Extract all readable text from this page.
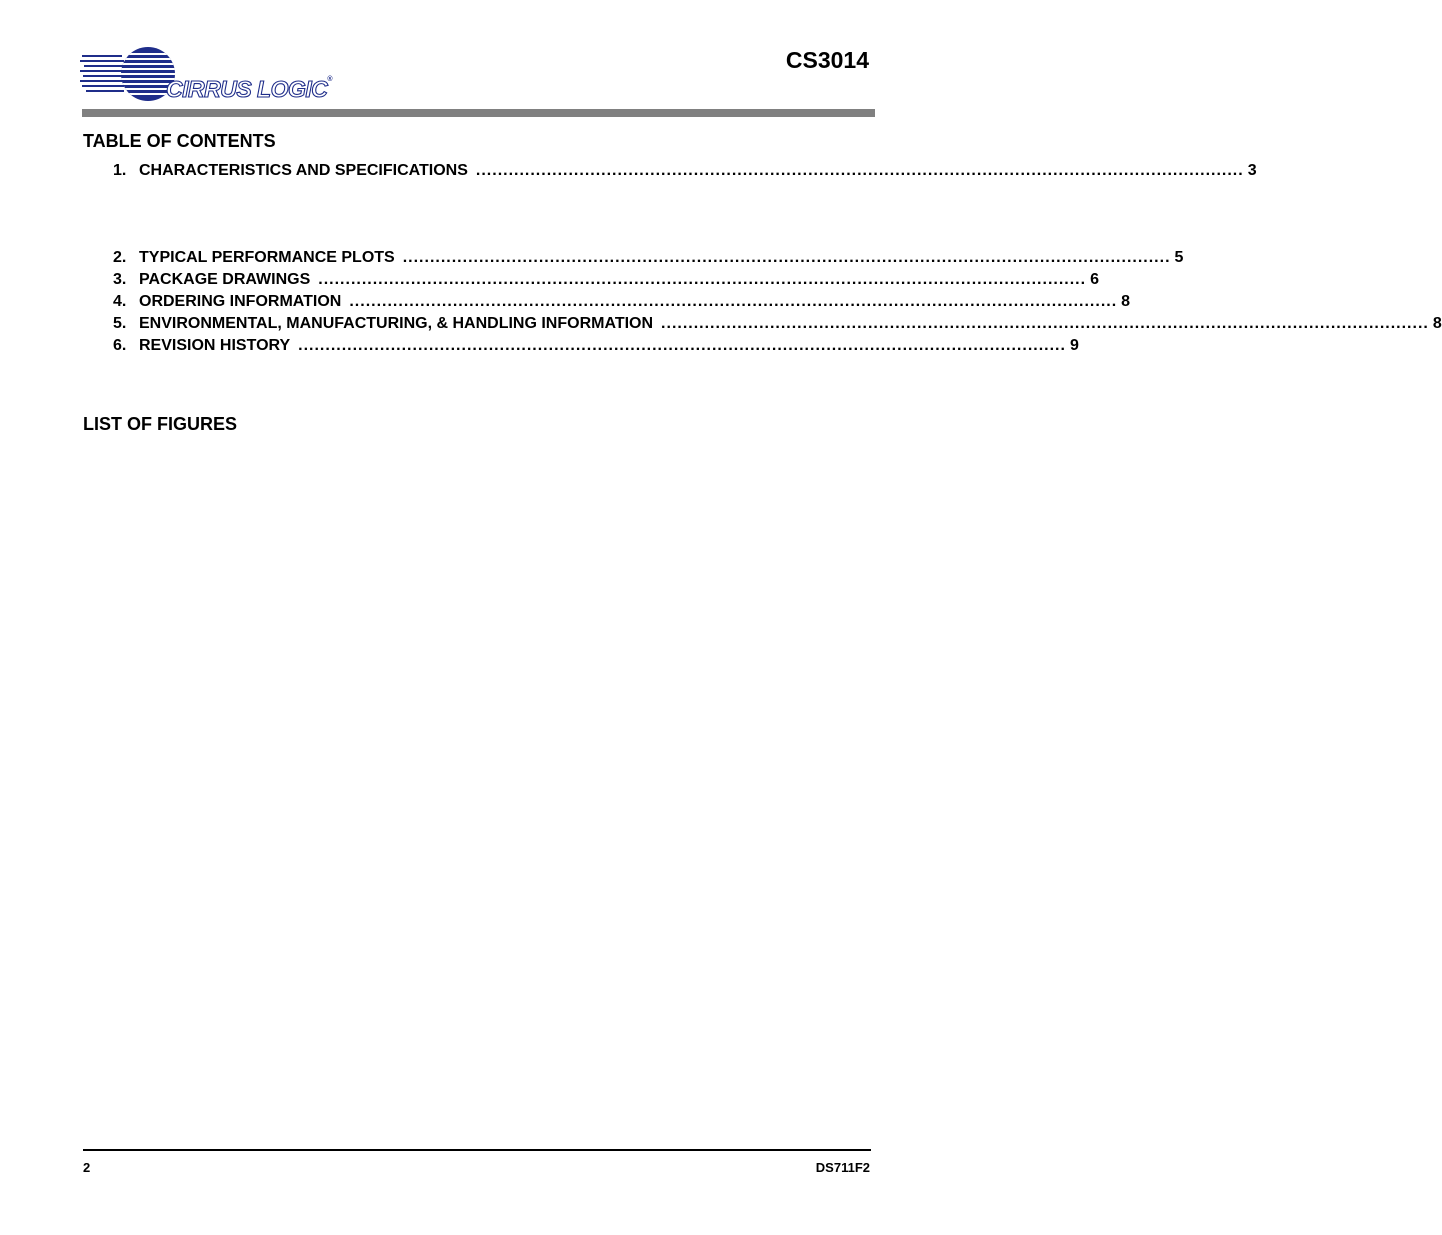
CIRRUS LOGIC®
CS3014
TABLE OF CONTENTS
1. CHARACTERISTICS AND SPECIFICATIONS ............................................................................................................................................. 3
2. TYPICAL PERFORMANCE PLOTS ............................................................................................................................................. 5
3. PACKAGE DRAWINGS ............................................................................................................................................. 6
4. ORDERING INFORMATION ............................................................................................................................................. 8
5. ENVIRONMENTAL, MANUFACTURING, & HANDLING INFORMATION ............................................................................................................................................. 8
6. REVISION HISTORY ............................................................................................................................................. 9
LIST OF FIGURES
2	DS711F2
